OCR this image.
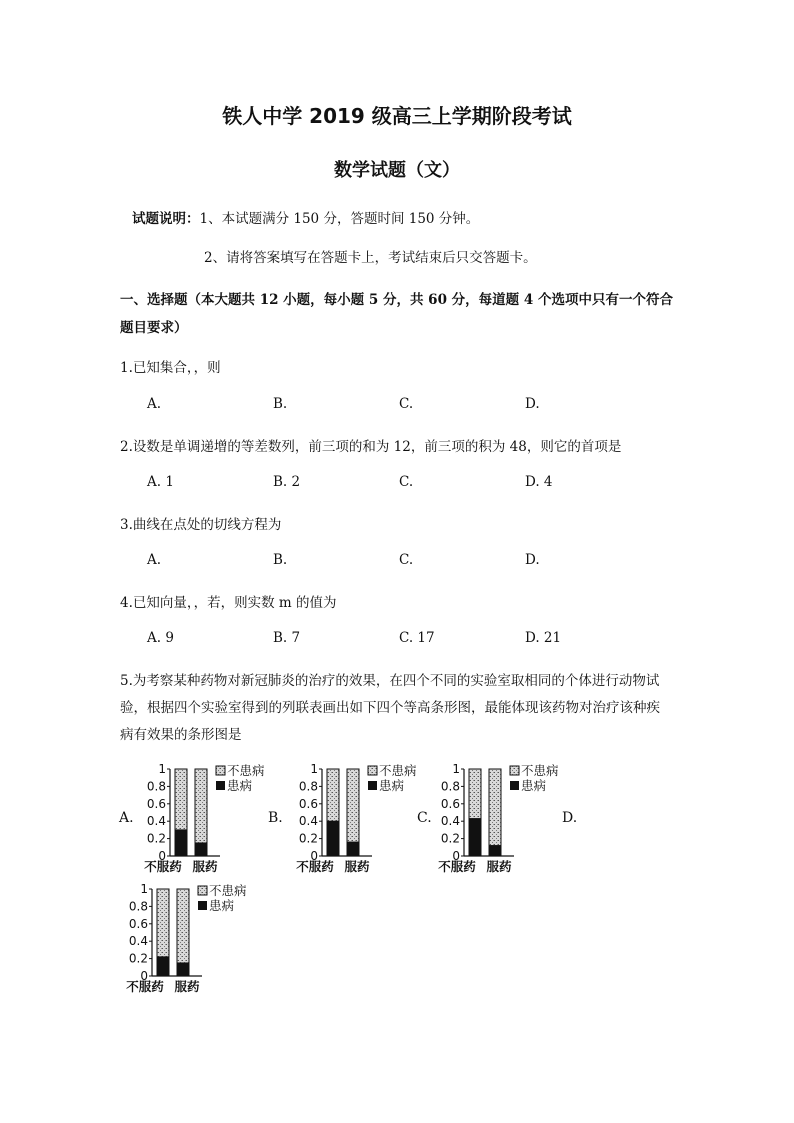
铁人中学 2019 级高三上学期阶段考试
数学试题（文）
试题说明：1、本试题满分 150 分，答题时间 150 分钟。
2、请将答案填写在答题卡上，考试结束后只交答题卡。
一、选择题（本大题共 12 小题，每小题 5 分，共 60 分，每道题 4 个选项中只有一个符合
题目要求）
1.已知集合，，则
A.	B.	C.	D.
2.设数是单调递增的等差数列，前三项的和为 12，前三项的积为 48，则它的首项是
A. 1	B. 2	C.	D. 4
3.曲线在点处的切线方程为
A.	B.	C.	D.
4.已知向量，，若，则实数 m 的值为
A. 9	B. 7	C. 17	D. 21
5.为考察某种药物对新冠肺炎的治疗的效果，在四个不同的实验室取相同的个体进行动物试
验，根据四个实验室得到的列联表画出如下四个等高条形图，最能体现该药物对治疗该种疾
病有效果的条形图是
A.	B.	C.	D.
0
0.2
0.4
0.6
0.8
1
不服药 服药
不患病
患病
0
0.2
0.4
0.6
0.8
1
不服药 服药
不患病
患病
0
0.2
0.4
0.6
0.8
1
不服药 服药
不患病
患病
0
0.2
0.4
0.6
0.8
1
不服药 服药
不患病
患病
